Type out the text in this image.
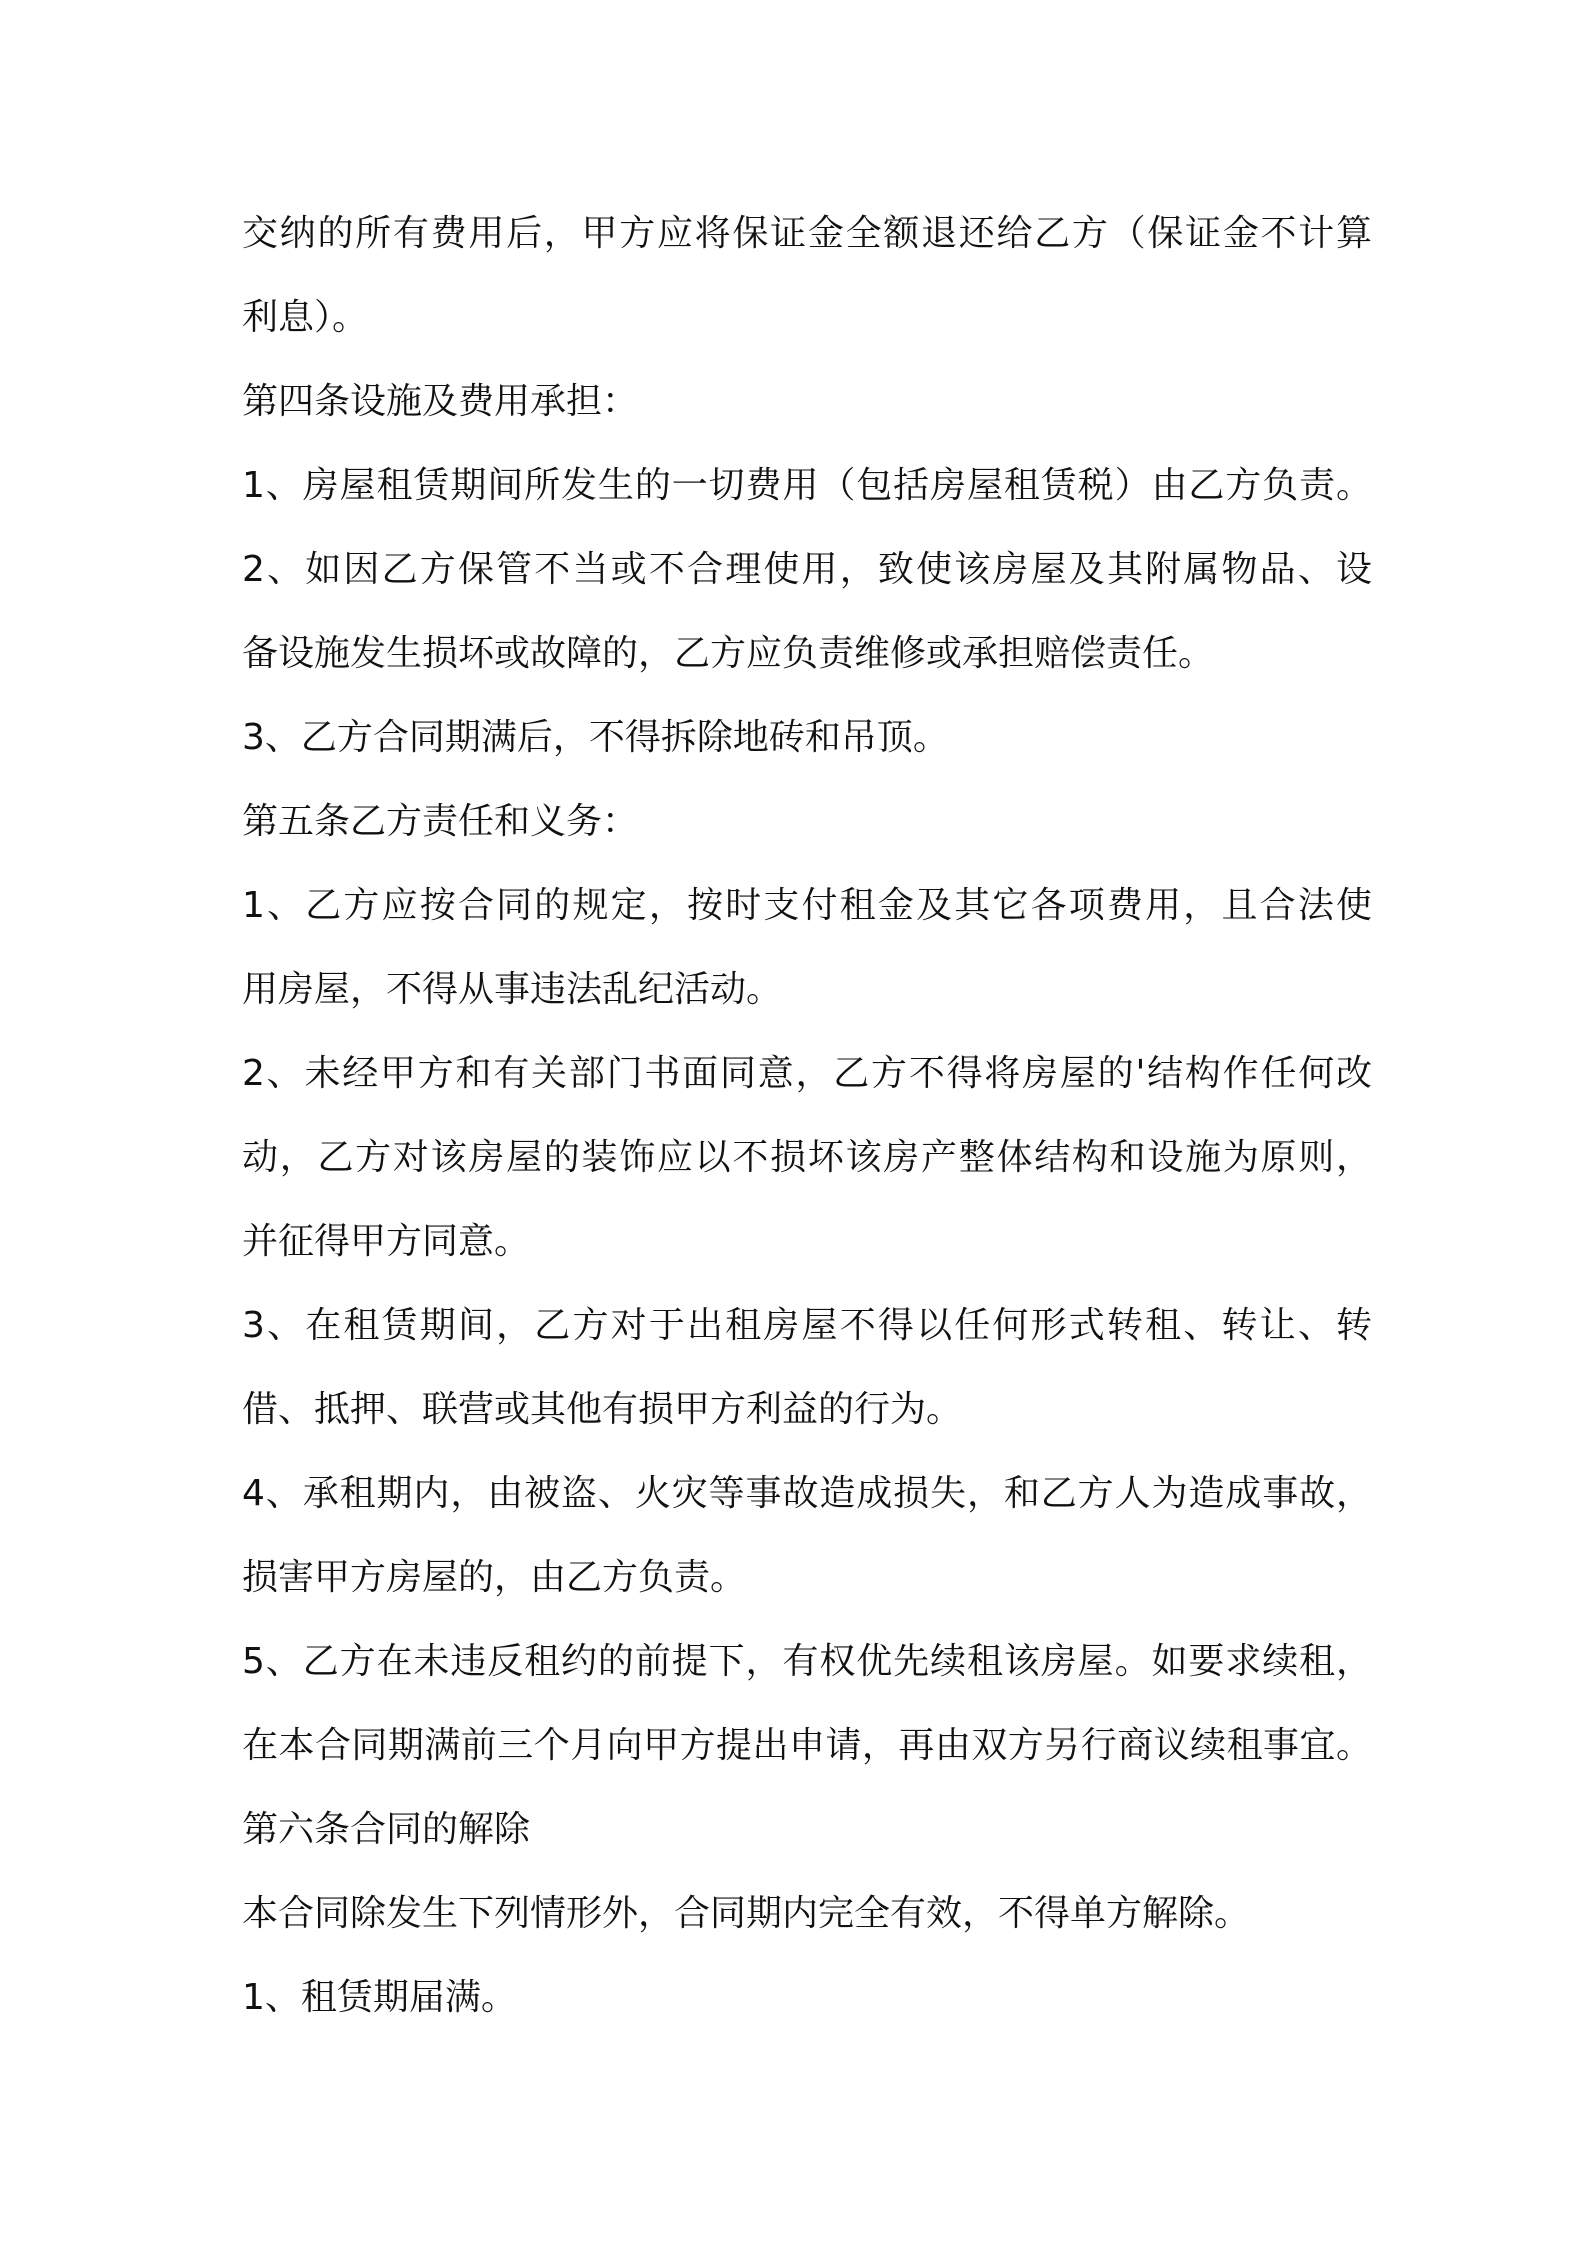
交纳的所有费用后，甲方应将保证金全额退还给乙方（保证金不计算
利息）。
第四条设施及费用承担：
1、房屋租赁期间所发生的一切费用（包括房屋租赁税）由乙方负责。
2、如因乙方保管不当或不合理使用，致使该房屋及其附属物品、设
备设施发生损坏或故障的，乙方应负责维修或承担赔偿责任。
3、乙方合同期满后，不得拆除地砖和吊顶。
第五条乙方责任和义务：
1、乙方应按合同的规定，按时支付租金及其它各项费用，且合法使
用房屋，不得从事违法乱纪活动。
2、未经甲方和有关部门书面同意，乙方不得将房屋的'结构作任何改
动，乙方对该房屋的装饰应以不损坏该房产整体结构和设施为原则，
并征得甲方同意。
3、在租赁期间，乙方对于出租房屋不得以任何形式转租、转让、转
借、抵押、联营或其他有损甲方利益的行为。
4、承租期内，由被盗、火灾等事故造成损失，和乙方人为造成事故，
损害甲方房屋的，由乙方负责。
5、乙方在未违反租约的前提下，有权优先续租该房屋。如要求续租，
在本合同期满前三个月向甲方提出申请，再由双方另行商议续租事宜。
第六条合同的解除
本合同除发生下列情形外，合同期内完全有效，不得单方解除。
1、租赁期届满。
